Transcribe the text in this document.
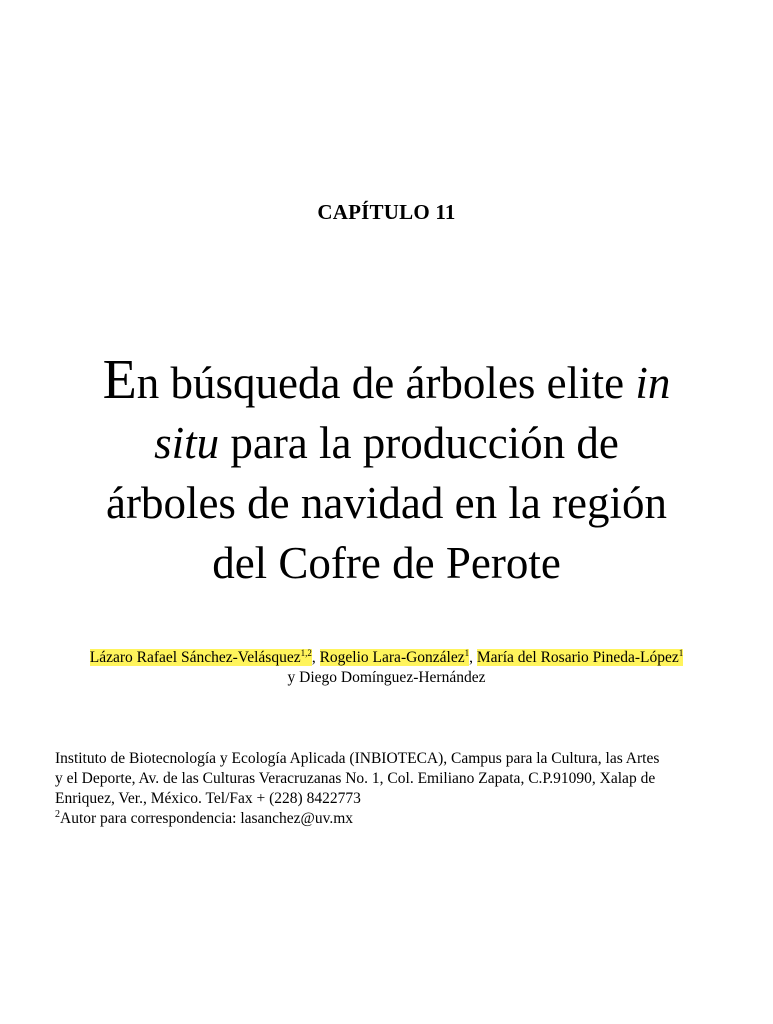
CAPÍTULO 11
En búsqueda de árboles elite in
situ para la producción de
árboles de navidad en la región
del Cofre de Perote
Lázaro Rafael Sánchez-Velásquez$^{1,2}$, Rogelio Lara-González$^1$, María del Rosario Pineda-López$^1$
y Diego Domínguez-Hernández
Instituto de Biotecnología y Ecología Aplicada (INBIOTECA), Campus para la Cultura, las Artes
y el Deporte, Av. de las Culturas Veracruzanas No. 1, Col. Emiliano Zapata, C.P.91090, Xalap de
Enriquez, Ver., México. Tel/Fax + (228) 8422773
$^2$Autor para correspondencia: lasanchez@uv.mx
